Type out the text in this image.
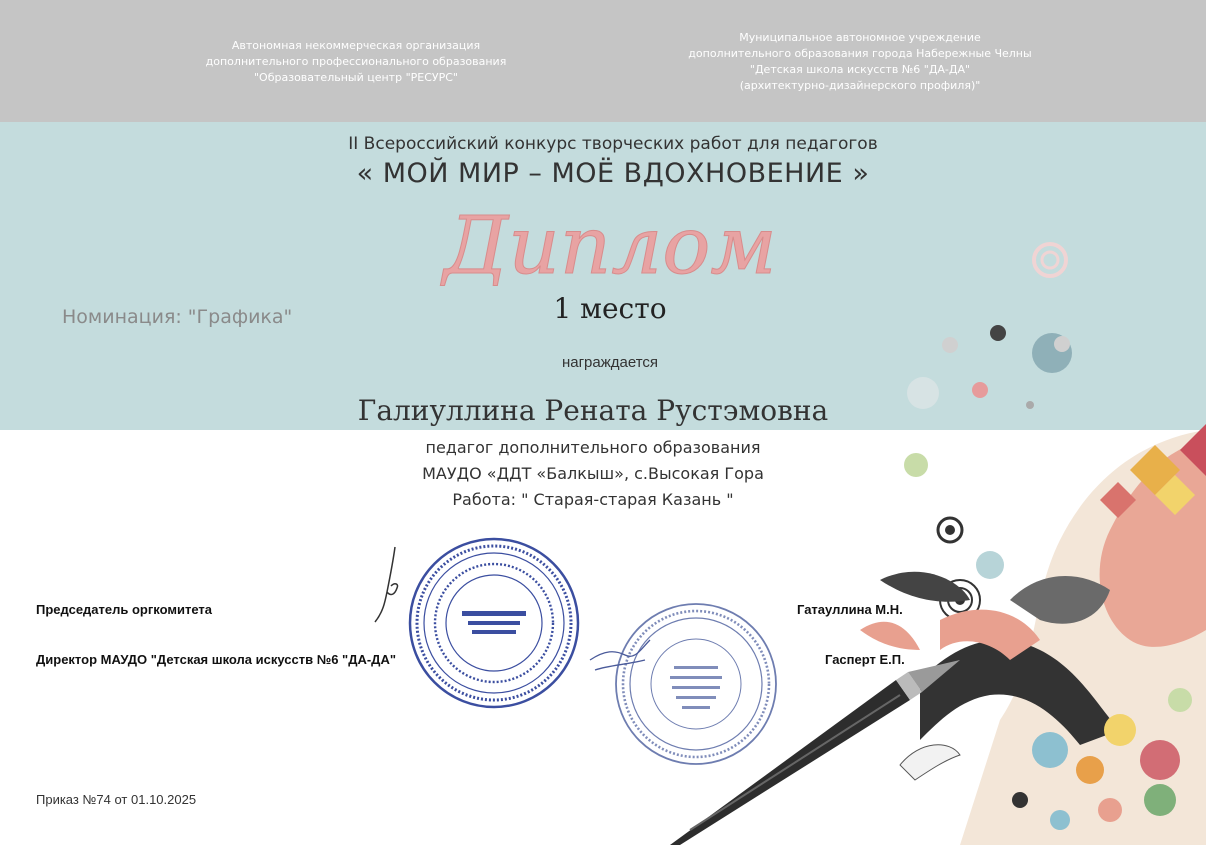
Автономная некоммерческая организация
дополнительного профессионального образования
"Образовательный центр "РЕСУРС"
Муниципальное автономное учреждение
дополнительного образования города Набережные Челны
"Детская школа искусств №6 "ДА-ДА"
(архитектурно-дизайнерского профиля)"
II Всероссийский конкурс творческих работ для педагогов
« МОЙ МИР – МОЁ ВДОХНОВЕНИЕ »
Диплом
Номинация: "Графика"	1 место
награждается
Галиуллина Рената Рустэмовна
педагог дополнительного образования
МАУДО «ДДТ «Балкыш», с.Высокая Гора
Работа: " Старая-старая Казань "
Председатель оргкомитета	Гатауллина М.Н.
Директор МАУДО "Детская школа искусств №6 "ДА-ДА"	Гасперт Е.П.
Приказ №74 от 01.10.2025
